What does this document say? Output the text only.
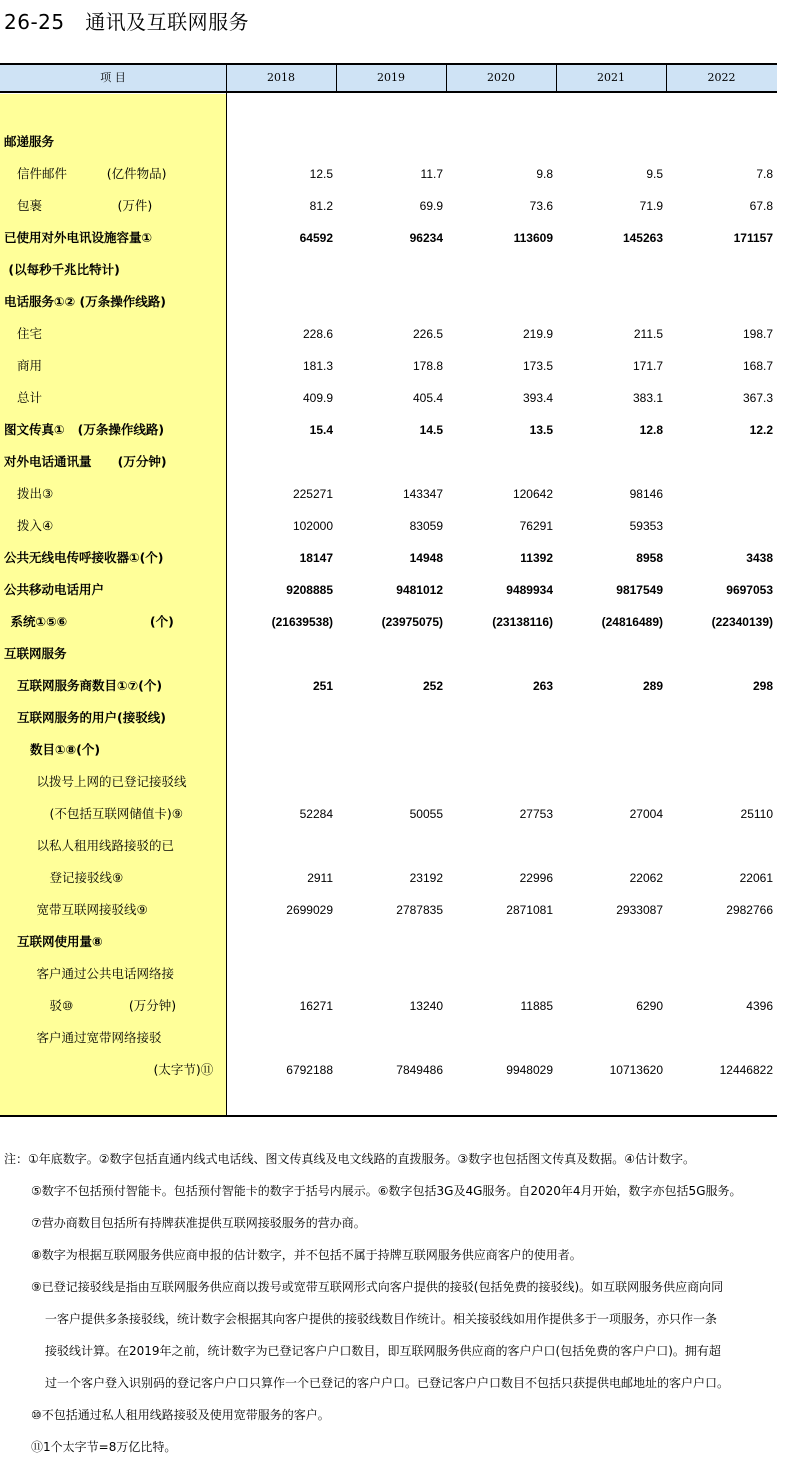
26-25   通讯及互联网服务
项 目	2018	2019	2020	2021	2022
邮递服务
信件邮件          (亿件物品)	12.5	11.7	9.8	9.5	7.8
包裹                   (万件)	81.2	69.9	73.6	71.9	67.8
已使用对外电讯设施容量①	64592	96234	113609	145263	171157
(以每秒千兆比特计)
电话服务①② (万条操作线路)
住宅	228.6	226.5	219.9	211.5	198.7
商用	181.3	178.8	173.5	171.7	168.7
总计	409.9	405.4	393.4	383.1	367.3
图文传真①   (万条操作线路)	15.4	14.5	13.5	12.8	12.2
对外电话通讯量      (万分钟)
拨出③	225271	143347	120642	98146
拨入④	102000	83059	76291	59353
公共无线电传呼接收器①(个)	18147	14948	11392	8958	3438
公共移动电话用户	9208885	9481012	9489934	9817549	9697053
系统①⑤⑥                   (个)	(21639538)	(23975075)	(23138116)	(24816489)	(22340139)
互联网服务
互联网服务商数目①⑦(个)	251	252	263	289	298
互联网服务的用户(接驳线)
数目①⑧(个)
以拨号上网的已登记接驳线
(不包括互联网储值卡)⑨	52284	50055	27753	27004	25110
以私人租用线路接驳的已
登记接驳线⑨	2911	23192	22996	22062	22061
宽带互联网接驳线⑨	2699029	2787835	2871081	2933087	2982766
互联网使用量⑧
客户通过公共电话网络接
驳⑩              (万分钟)	16271	13240	11885	6290	4396
客户通过宽带网络接驳
(太字节)⑪	6792188	7849486	9948029	10713620	12446822
注：①年底数字。②数字包括直通内线式电话线、图文传真线及电文线路的直拨服务。③数字也包括图文传真及数据。④估计数字。
⑤数字不包括预付智能卡。包括预付智能卡的数字于括号内展示。⑥数字包括3G及4G服务。自2020年4月开始，数字亦包括5G服务。
⑦营办商数目包括所有持牌获准提供互联网接驳服务的营办商。
⑧数字为根据互联网服务供应商申报的估计数字，并不包括不属于持牌互联网服务供应商客户的使用者。
⑨已登记接驳线是指由互联网服务供应商以拨号或宽带互联网形式向客户提供的接驳(包括免费的接驳线)。如互联网服务供应商向同
一客户提供多条接驳线，统计数字会根据其向客户提供的接驳线数目作统计。相关接驳线如用作提供多于一项服务，亦只作一条
接驳线计算。在2019年之前，统计数字为已登记客户户口数目，即互联网服务供应商的客户户口(包括免费的客户户口)。拥有超
过一个客户登入识别码的登记客户户口只算作一个已登记的客户户口。已登记客户户口数目不包括只获提供电邮地址的客户户口。
⑩不包括通过私人租用线路接驳及使用宽带服务的客户。
⑪1个太字节=8万亿比特。
